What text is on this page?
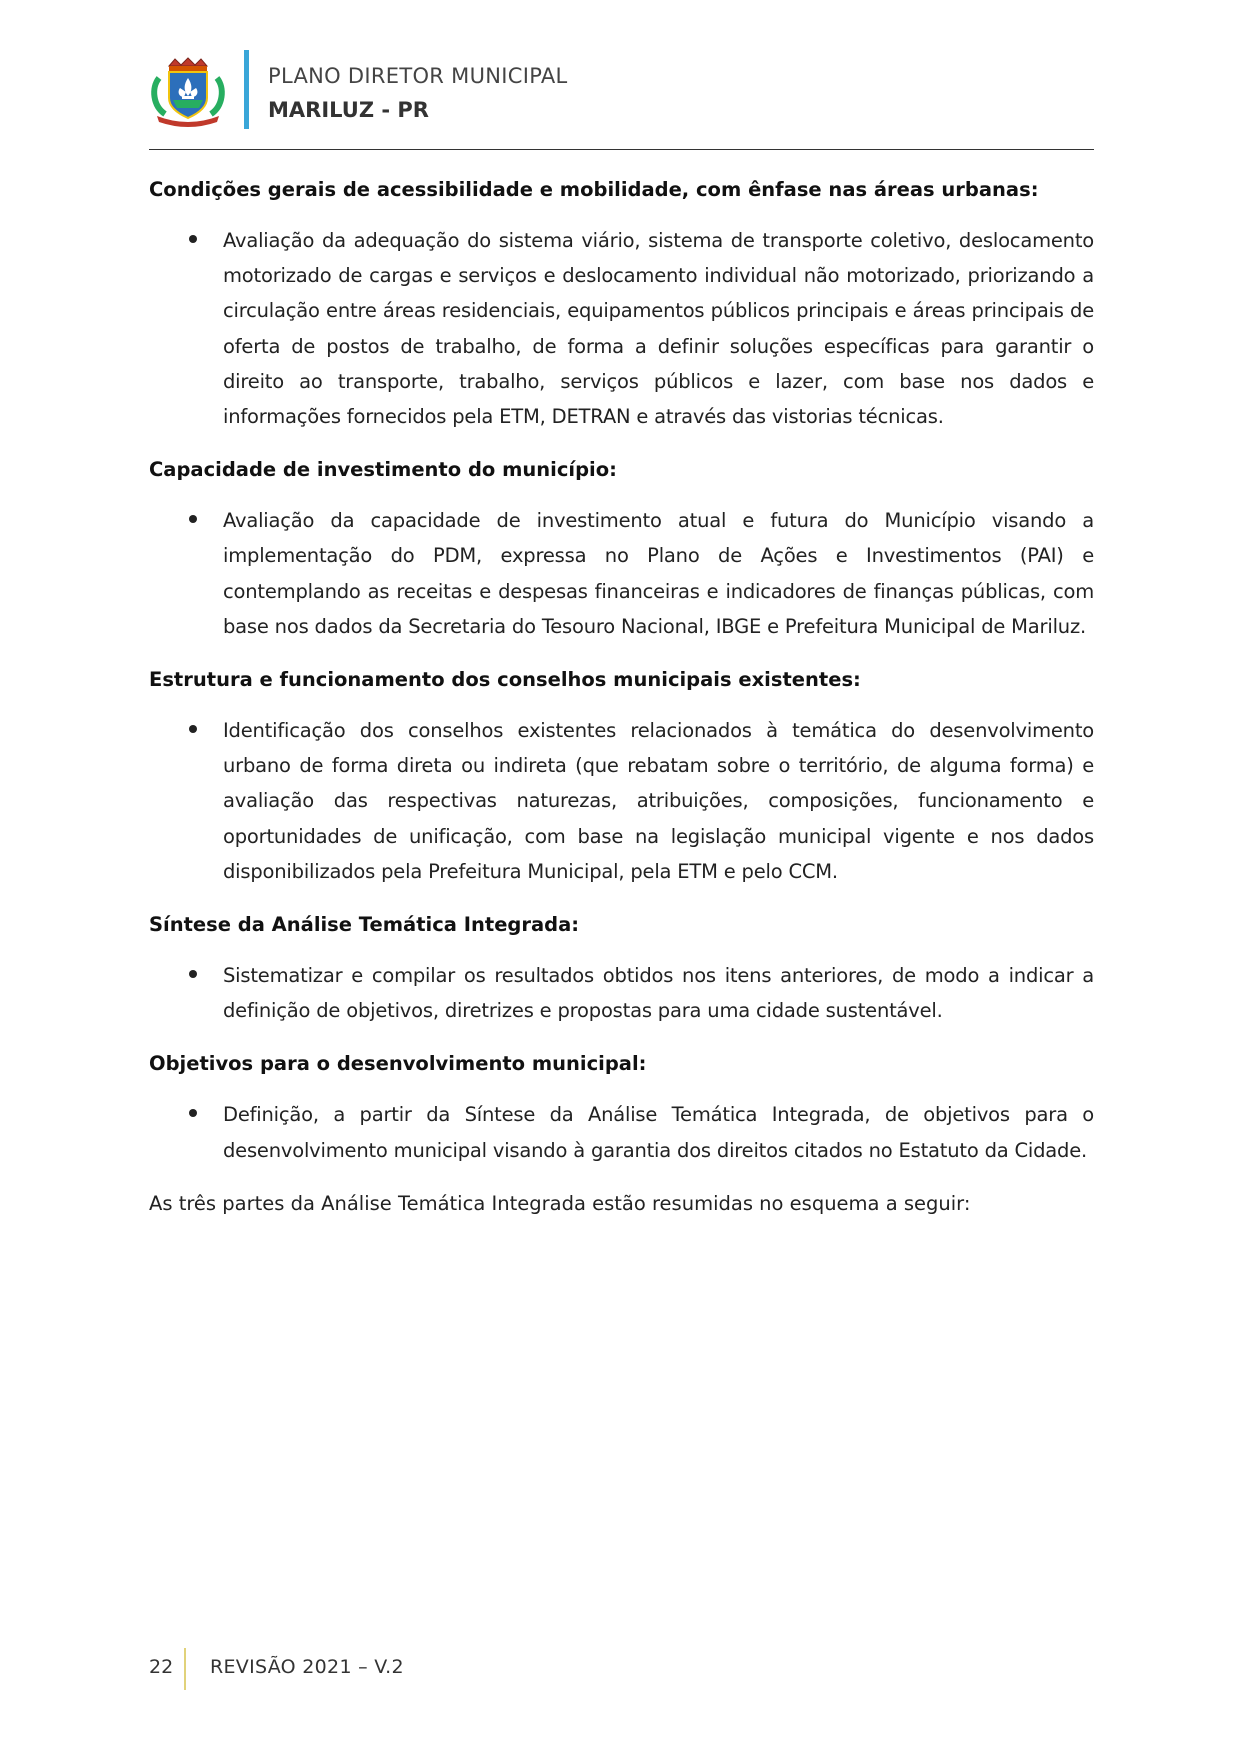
PLANO DIRETOR MUNICIPAL
MARILUZ - PR
Condições gerais de acessibilidade e mobilidade, com ênfase nas áreas urbanas:

Avaliação da adequação do sistema viário, sistema de transporte coletivo, deslocamento motorizado de cargas e serviços e deslocamento individual não motorizado, priorizando a circulação entre áreas residenciais, equipamentos públicos principais e áreas principais de oferta de postos de trabalho, de forma a definir soluções específicas para garantir o direito ao transporte, trabalho, serviços públicos e lazer, com base nos dados e informações fornecidos pela ETM, DETRAN e através das vistorias técnicas.

Capacidade de investimento do município:

Avaliação da capacidade de investimento atual e futura do Município visando a implementação do PDM, expressa no Plano de Ações e Investimentos (PAI) e contemplando as receitas e despesas financeiras e indicadores de finanças públicas, com base nos dados da Secretaria do Tesouro Nacional, IBGE e Prefeitura Municipal de Mariluz.

Estrutura e funcionamento dos conselhos municipais existentes:

Identificação dos conselhos existentes relacionados à temática do desenvolvimento urbano de forma direta ou indireta (que rebatam sobre o território, de alguma forma) e avaliação das respectivas naturezas, atribuições, composições, funcionamento e oportunidades de unificação, com base na legislação municipal vigente e nos dados disponibilizados pela Prefeitura Municipal, pela ETM e pelo CCM.

Síntese da Análise Temática Integrada:

Sistematizar e compilar os resultados obtidos nos itens anteriores, de modo a indicar a definição de objetivos, diretrizes e propostas para uma cidade sustentável.

Objetivos para o desenvolvimento municipal:

Definição, a partir da Síntese da Análise Temática Integrada, de objetivos para o desenvolvimento municipal visando à garantia dos direitos citados no Estatuto da Cidade.

As três partes da Análise Temática Integrada estão resumidas no esquema a seguir:

22 REVISÃO 2021 – V.2
